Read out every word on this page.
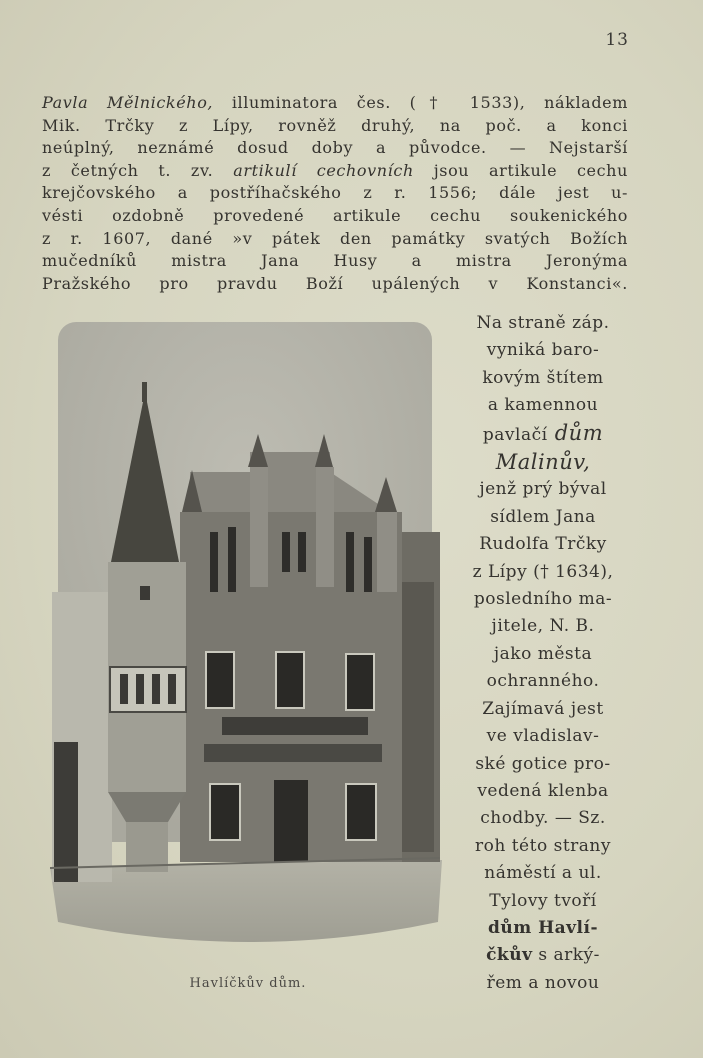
13
Pavla Mělnického, illuminatora čes. († 1533), nákladem
Mik. Trčky z Lípy, rovněž druhý, na poč. a konci
neúplný, neznámé dosud doby a původce. — Nejstarší
z četných t. zv. artikulí cechovních jsou artikule cechu
krejčovského a postříhačského z r. 1556; dále jest u-
vésti ozdobně provedené artikule cechu soukenického
z r. 1607, dané »v pátek den památky svatých Božích
mučedníků mistra Jana Husy a mistra Jeronýma
Pražského pro pravdu Boží upálených v Konstanci«.
Havlíčkův dům.
Na straně záp.
vyniká baro-
kovým štítem
a kamennou
pavlačí dům
Malinův,
jenž prý býval
sídlem Jana
Rudolfa Trčky
z Lípy († 1634),
posledního ma-
jitele, N. B.
jako města
ochranného.
Zajímavá jest
ve vladislav-
ské gotice pro-
vedená klenba
chodby. — Sz.
roh této strany
náměstí a ul.
Tylovy tvoří
dům Havlí-
čkův s arký-
řem a novou
